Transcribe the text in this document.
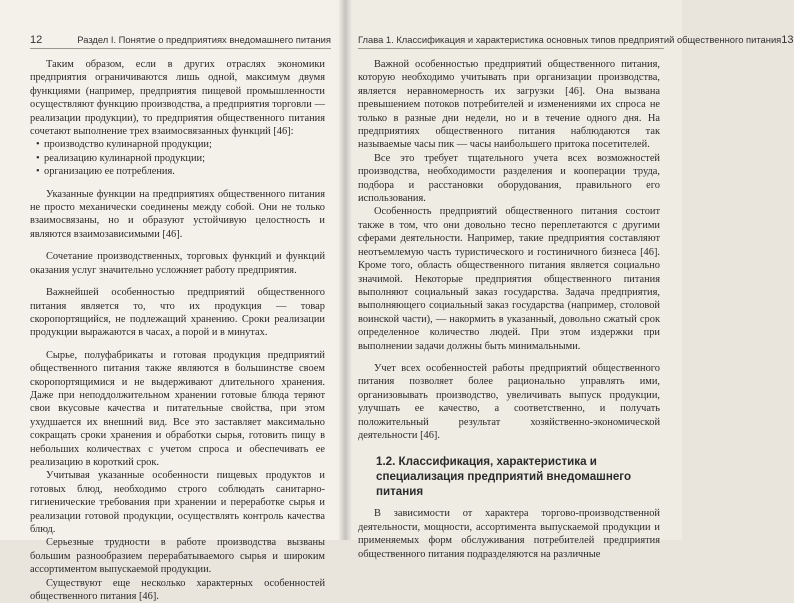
12	Раздел I. Понятие о предприятиях внедомашнего питания

Таким образом, если в других отраслях экономики предприятия ограничиваются лишь одной, максимум двумя функциями (например, предприятия пищевой промышленности осуществляют функцию производства, а предприятия торговли — реализации продукции), то предприятия общественного питания сочетают выполнение трех взаимосвязанных функций [46]:

• производство кулинарной продукции;
• реализацию кулинарной продукции;
• организацию ее потребления.

Указанные функции на предприятиях общественного питания не просто механически соединены между собой. Они не только взаимосвязаны, но и образуют устойчивую целостность и являются взаимозависимыми [46].

Сочетание производственных, торговых функций и функций оказания услуг значительно усложняет работу предприятия.

Важнейшей особенностью предприятий общественного питания является то, что их продукция — товар скоропортящийся, не подлежащий хранению. Сроки реализации продукции выражаются в часах, а порой и в минутах.

Сырье, полуфабрикаты и готовая продукция предприятий общественного питания также являются в большинстве своем скоропортящимися и не выдерживают длительного хранения. Даже при неподдолжительном хранении готовые блюда теряют свои вкусовые качества и питательные свойства, при этом ухудшается их внешний вид. Все это заставляет максимально сокращать сроки хранения и обработки сырья, готовить пищу в небольших количествах с учетом спроса и обеспечивать ее реализацию в короткий срок.

Учитывая указанные особенности пищевых продуктов и готовых блюд, необходимо строго соблюдать санитарно-гигиенические требования при хранении и переработке сырья и реализации готовой продукции, осуществлять контроль качества блюд.

Серьезные трудности в работе производства вызваны большим разнообразием перерабатываемого сырья и широким ассортиментом выпускаемой продукции.

Существуют еще несколько характерных особенностей общественного питания [46].

Глава 1. Классификация и характеристика основных типов предприятий общественного питания 13

Важной особенностью предприятий общественного питания, которую необходимо учитывать при организации производства, является неравномерность их загрузки [46]. Она вызвана превышением потоков потребителей и изменениями их спроса не только в разные дни недели, но и в течение одного дня. На предприятиях общественного питания наблюдаются так называемые часы пик — часы наибольшего притока посетителей.

Все это требует тщательного учета всех возможностей производства, необходимости разделения и кооперации труда, подбора и расстановки оборудования, правильного его использования.

Особенность предприятий общественного питания состоит также в том, что они довольно тесно переплетаются с другими сферами деятельности. Например, такие предприятия составляют неотъемлемую часть туристического и гостиничного бизнеса [46]. Кроме того, область общественного питания является социально значимой. Некоторые предприятия общественного питания выполняют социальный заказ государства. Задача предприятия, выполняющего социальный заказ государства (например, столовой воинской части), — накормить в указанный, довольно сжатый срок определенное количество людей. При этом издержки при выполнении задачи должны быть минимальными.

Учет всех особенностей работы предприятий общественного питания позволяет более рационально управлять ими, организовывать производство, увеличивать выпуск продукции, улучшать ее качество, а соответственно, и получать положительный результат хозяйственно-экономической деятельности [46].

1.2. Классификация, характеристика и специализация предприятий внедомашнего питания

В зависимости от характера торгово-производственной деятельности, мощности, ассортимента выпускаемой продукции и применяемых форм обслуживания потребителей предприятия общественного питания подразделяются на различные
